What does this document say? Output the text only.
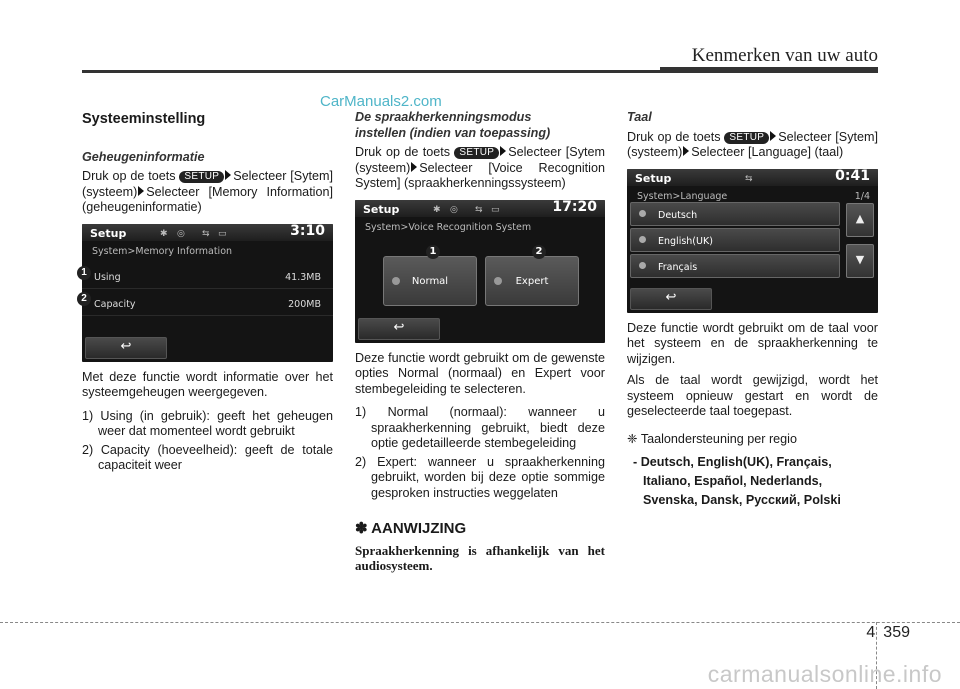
Kenmerken van uw auto
CarManuals2.com
Systeeminstelling
Geheugeninformatie

Druk op de toets SETUP Selecteer [Sytem] (systeem) Selecteer [Memory Information] (geheugeninformatie)

Setup	✱ ◎ ⇆ ▭	3:10
System>Memory Information
Using	41.3MB
Capacity	200MB
↩
1
2

Met deze functie wordt informatie over het systeemgeheugen weergegeven.

1) Using (in gebruik): geeft het geheugen weer dat momenteel wordt gebruikt
2) Capacity (hoeveelheid): geeft de totale capaciteit weer
De spraakherkenningsmodus
instellen (indien van toepassing)

Druk op de toets SETUP Selecteer [Sytem (systeem) Selecteer [Voice Recognition System] (spraakherkenningssysteem)

Setup	✱ ◎ ⇆ ▭	17:20
System>Voice Recognition System
Normal	Expert
1	2
↩

Deze functie wordt gebruikt om de gewenste opties Normal (normaal) en Expert voor stembegeleiding te selecteren.

1) Normal (normaal): wanneer u spraakherkenning gebruikt, biedt deze optie gedetailleerde stembegeleiding
2) Expert: wanneer u spraakherkenning gebruikt, worden bij deze optie sommige gesproken instructies weggelaten
✽ AANWIJZING
Spraakherkenning is afhankelijk van het audiosysteem.
Taal

Druk op de toets SETUP Selecteer [Sytem] (systeem) Selecteer [Language] (taal)

Setup	⇆	0:41
System>Language	1/4
Deutsch
English(UK)
Français
▲
▼
↩

Deze functie wordt gebruikt om de taal voor het systeem en de spraakherkenning te wijzigen.

Als de taal wordt gewijzigd, wordt het systeem opnieuw gestart en wordt de geselecteerde taal toegepast.

❈ Taalondersteuning per regio

- Deutsch, English(UK), Français,
Italiano, Español, Nederlands,
Svenska, Dansk, Русский, Polski
4 359
carmanualsonline.info
